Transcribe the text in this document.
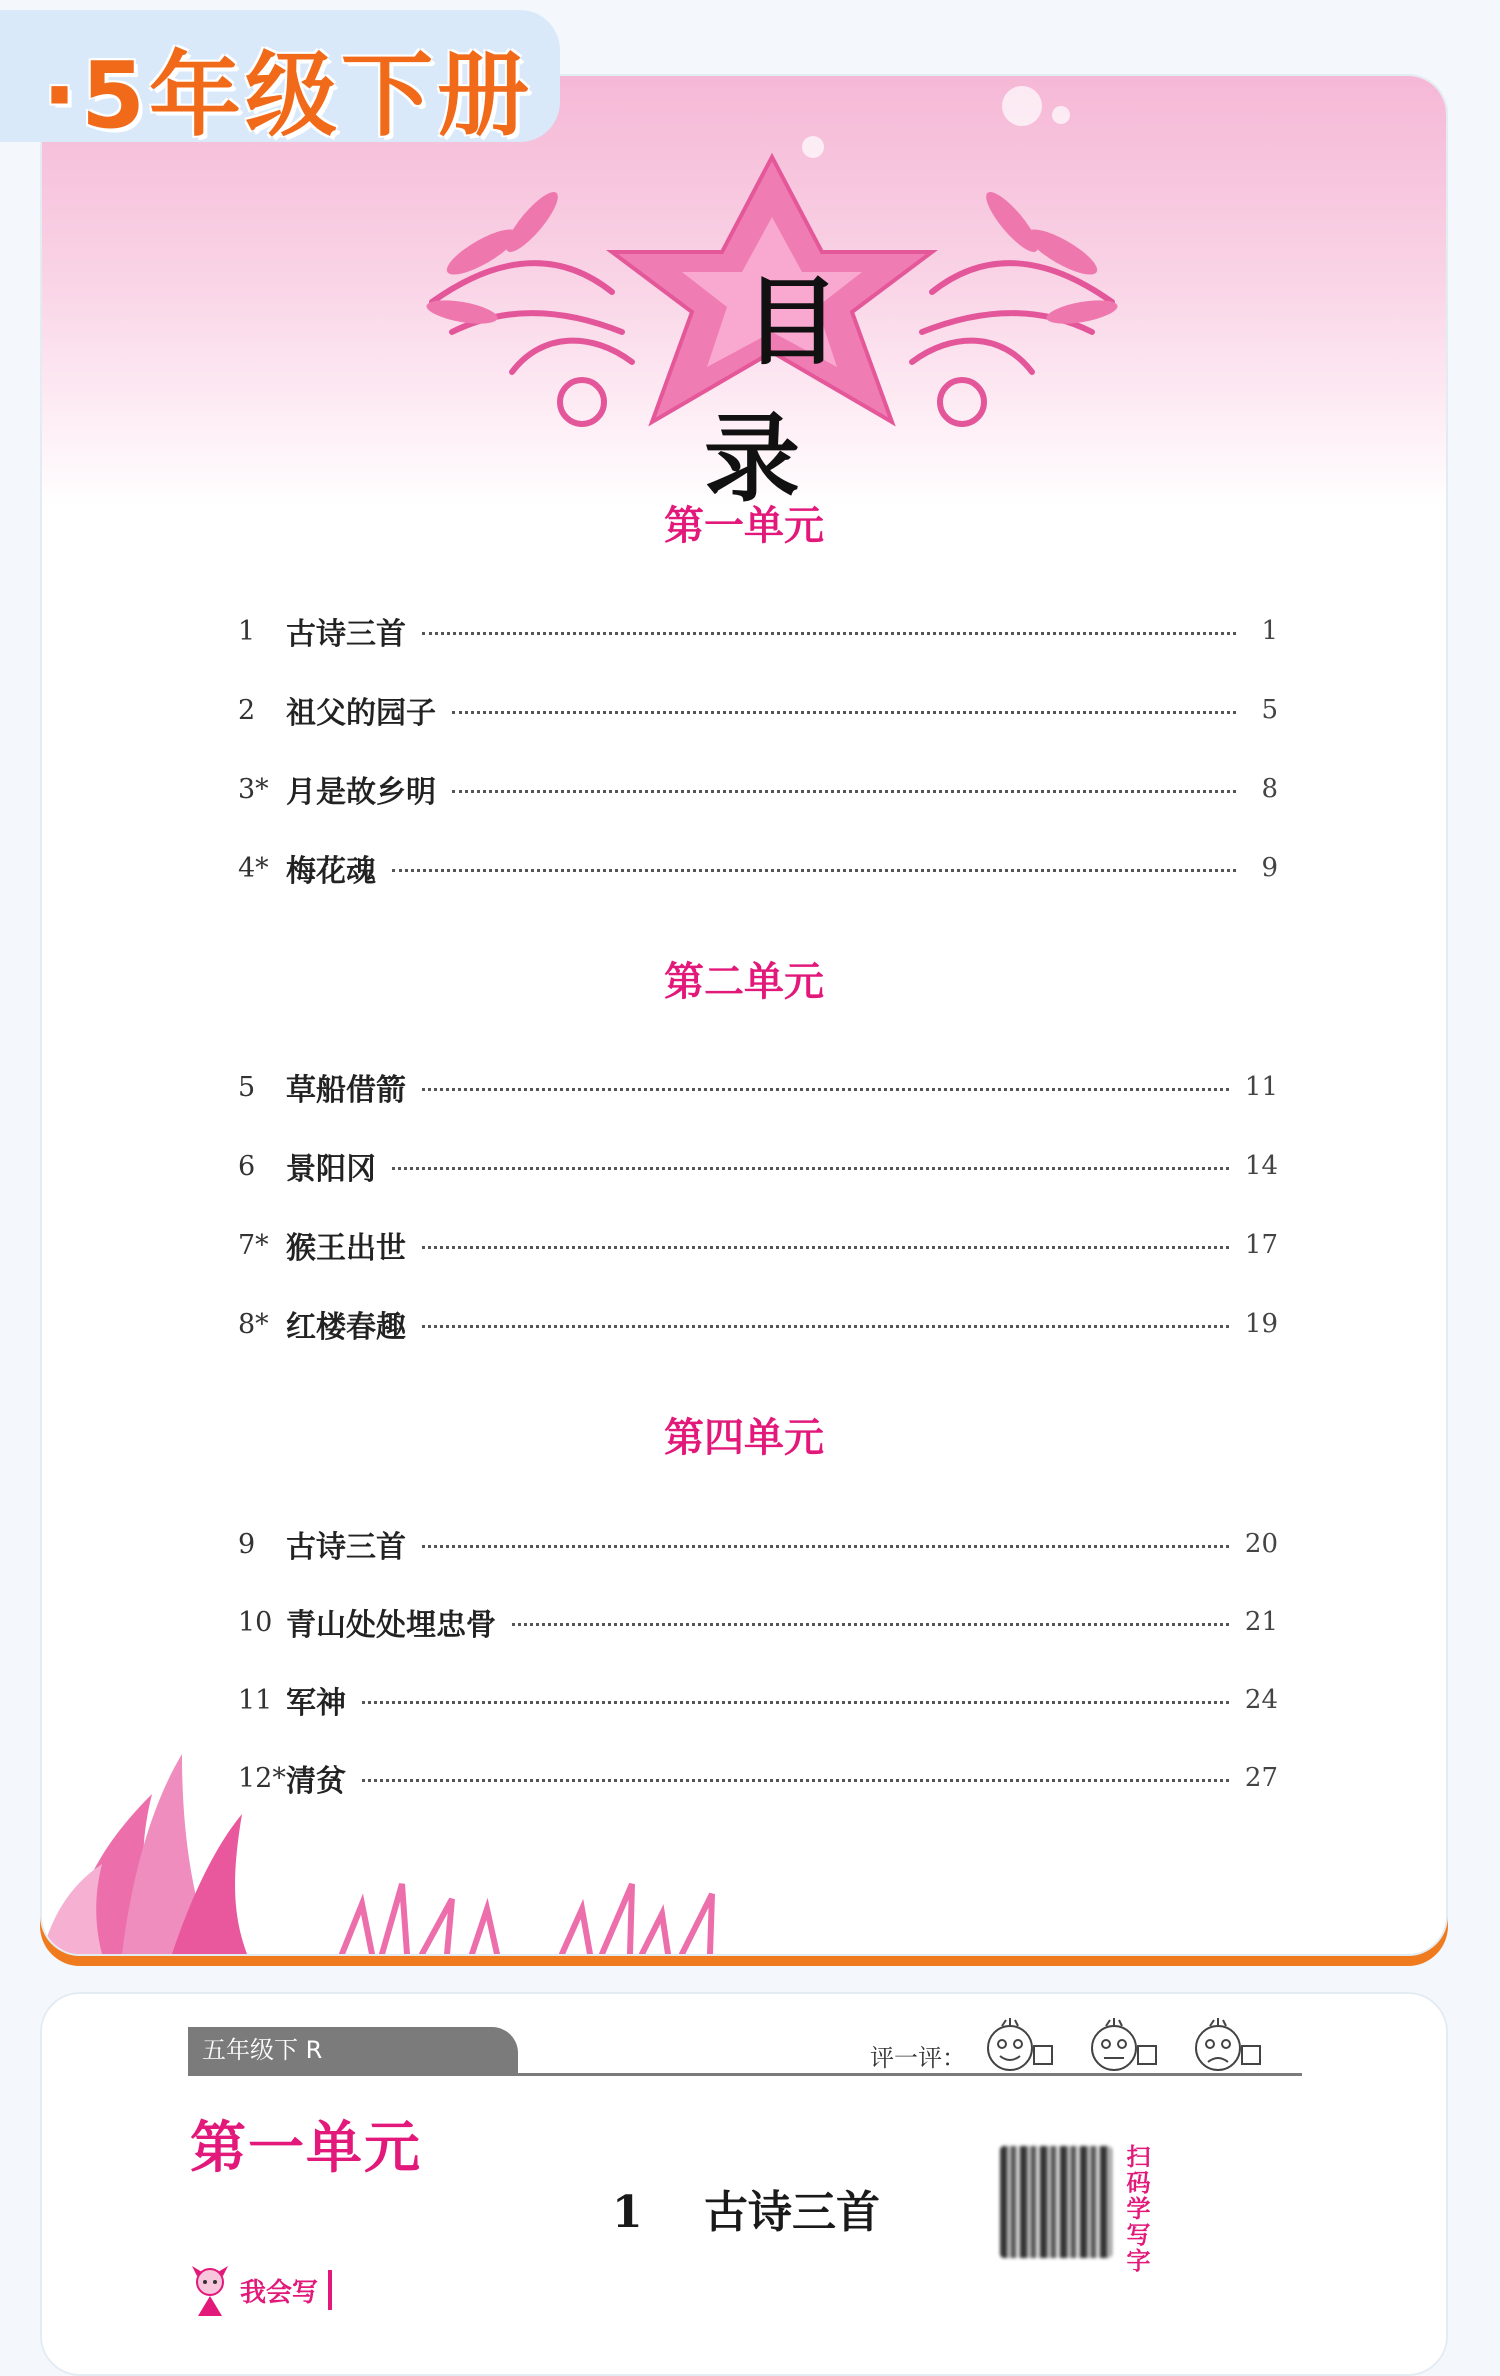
目 录
第一单元
1	古诗三首	1
2	祖父的园子	5
3* 月是故乡明	8
4* 梅花魂	9
第二单元
5	草船借箭	11
6	景阳冈	14
7* 猴王出世	17
8* 红楼春趣	19
第四单元
9	古诗三首	20
10 青山处处埋忠骨	21
11 军神	24
12* 清贫	27
·5年级下册
五年级下 R	评一评：
第一单元
1 古诗三首	扫码学写字
我会写
